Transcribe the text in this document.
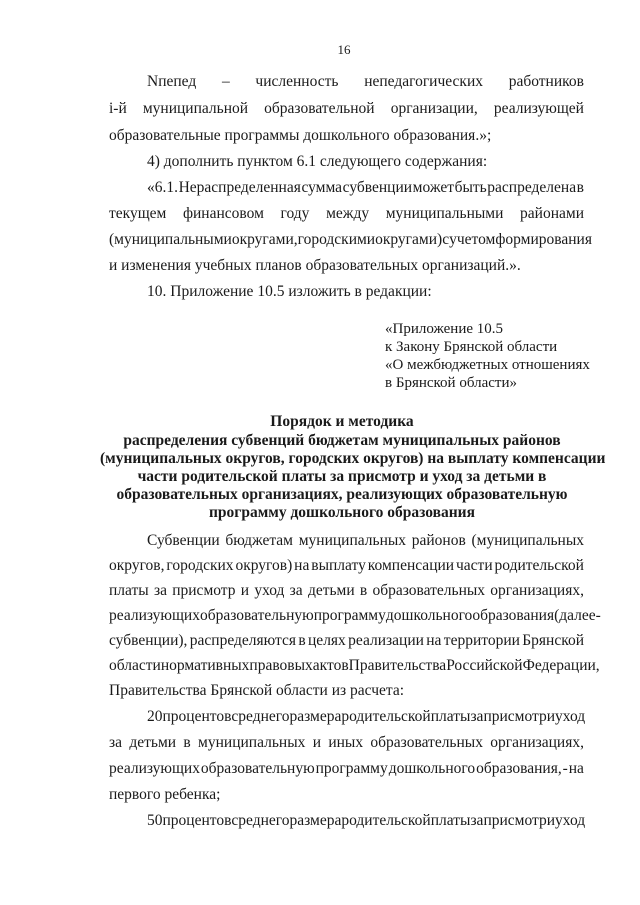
16
Nпепед – численность непедагогических работников
i-й муниципальной образовательной организации, реализующей
образовательные программы дошкольного образования.»;
4) дополнить пунктом 6.1 следующего содержания:
«6.1. Нераспределенная сумма субвенции может быть распределена в
текущем финансовом году между муниципальными районами
(муниципальными округами, городскими округами) с учетом формирования
и изменения учебных планов образовательных организаций.».
10. Приложение 10.5 изложить в редакции:
«Приложение 10.5
к Закону Брянской области
«О межбюджетных отношениях
в Брянской области»
Порядок и методика
распределения субвенций бюджетам муниципальных районов
(муниципальных округов, городских округов) на выплату компенсации
части родительской платы за присмотр и уход за детьми в
образовательных организациях, реализующих образовательную
программу дошкольного образования
Субвенции бюджетам муниципальных районов (муниципальных
округов, городских округов) на выплату компенсации части родительской
платы за присмотр и уход за детьми в образовательных организациях,
реализующих образовательную программу дошкольного образования (далее -
субвенции), распределяются в целях реализации на территории Брянской
области нормативных правовых актов Правительства Российской Федерации,
Правительства Брянской области из расчета:
20 процентов среднего размера родительской платы за присмотр и уход
за детьми в муниципальных и иных образовательных организациях,
реализующих образовательную программу дошкольного образования, - на
первого ребенка;
50 процентов среднего размера родительской платы за присмотр и уход
